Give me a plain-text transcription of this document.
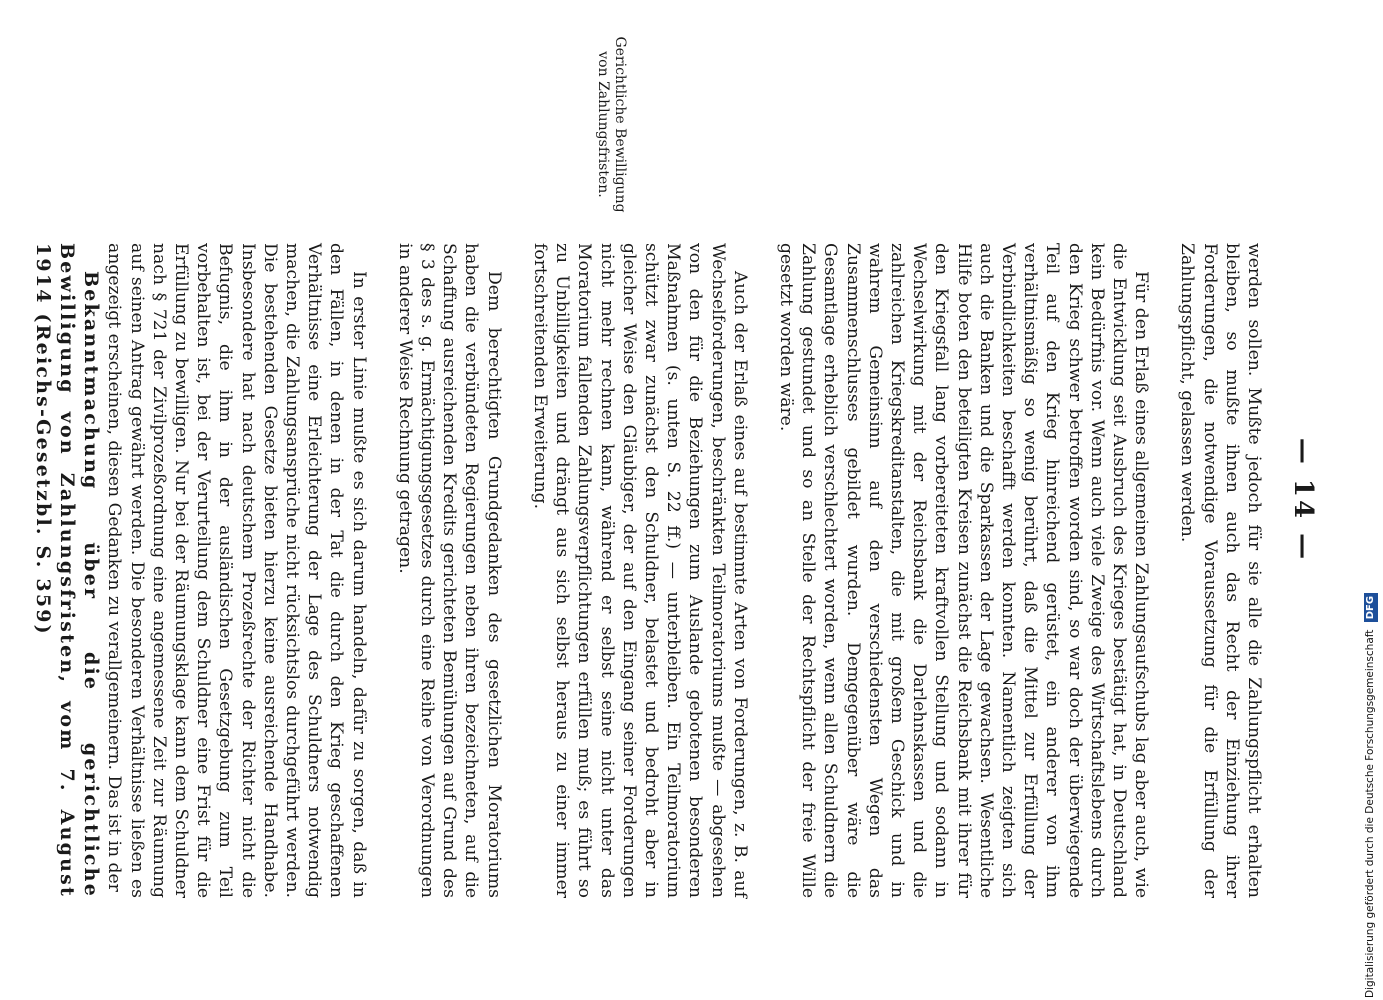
— 14 —
Gerichtliche Bewilligung von Zahlungsfristen.

werden sollen. Mußte jedoch für sie alle die Zahlungspflicht erhalten bleiben, so mußte ihnen auch das Recht der Einziehung ihrer Forderungen, die notwendige Voraussetzung für die Erfüllung der Zahlungspflicht, gelassen werden.

Für den Erlaß eines allgemeinen Zahlungsaufschubs lag aber auch, wie die Entwicklung seit Ausbruch des Krieges bestätigt hat, in Deutschland kein Bedürfnis vor. Wenn auch viele Zweige des Wirtschaftslebens durch den Krieg schwer betroffen worden sind, so war doch der überwiegende Teil auf den Krieg hinreichend gerüstet, ein anderer von ihm verhältnismäßig so wenig berührt, daß die Mittel zur Erfüllung der Verbindlichkeiten beschafft werden konnten. Namentlich zeigten sich auch die Banken und die Sparkassen der Lage gewachsen. Wesentliche Hilfe boten den beteiligten Kreisen zunächst die Reichsbank mit ihrer für den Kriegsfall lang vorbereiteten kraftvollen Stellung und sodann in Wechselwirkung mit der Reichsbank die Darlehnskassen und die zahlreichen Kriegskreditanstalten, die mit großem Geschick und in wahrem Gemeinsinn auf den verschiedensten Wegen das Zusammenschlusses gebildet wurden. Demgegenüber wäre die Gesamtlage erheblich verschlechtert worden, wenn allen Schuldnern die Zahlung gestundet und so an Stelle der Rechtspflicht der freie Wille gesetzt worden wäre.

Auch der Erlaß eines auf bestimmte Arten von Forderungen, z. B. auf Wechselforderungen, beschränkten Teilmoratoriums mußte — abgesehen von den für die Beziehungen zum Auslande gebotenen besonderen Maßnahmen (s. unten S. 22 ff.) — unterbleiben. Ein Teilmoratorium schützt zwar zunächst den Schuldner, belastet und bedroht aber in gleicher Weise den Gläubiger, der auf den Eingang seiner Forderungen nicht mehr rechnen kann, während er selbst seine nicht unter das Moratorium fallenden Zahlungsverpflichtungen erfüllen muß; es führt so zu Unbilligkeiten und drängt aus sich selbst heraus zu einer immer fortschreitenden Erweiterung.

Dem berechtigten Grundgedanken des gesetzlichen Moratoriums haben die verbündeten Regierungen neben ihren bezeichneten, auf die Schaffung ausreichenden Kredits gerichteten Bemühungen auf Grund des § 3 des s. g. Ermächtigungsgesetzes durch eine Reihe von Verordnungen in anderer Weise Rechnung getragen.

In erster Linie mußte es sich darum handeln, dafür zu sorgen, daß in den Fällen, in denen in der Tat die durch den Krieg geschaffenen Verhältnisse eine Erleichterung der Lage des Schuldners notwendig machen, die Zahlungsansprüche nicht rücksichtslos durchgeführt werden. Die bestehenden Gesetze bieten hierzu keine ausreichende Handhabe. Insbesondere hat nach deutschem Prozeßrechte der Richter nicht die Befugnis, die ihm in der ausländischen Gesetzgebung zum Teil vorbehalten ist, bei der Verurteilung dem Schuldner eine Frist für die Erfüllung zu bewilligen. Nur bei der Räumungsklage kann dem Schuldner nach § 721 der Zivilprozeßordnung eine angemessene Zeit zur Räumung auf seinen Antrag gewährt werden. Die besonderen Verhältnisse ließen es angezeigt erscheinen, diesen Gedanken zu verallgemeinern. Das ist in der

Bekanntmachung über die gerichtliche Bewilligung von Zahlungsfristen, vom 7. August 1914 (Reichs-Gesetzbl. S. 359)

Digitalisierung gefördert durch die Deutsche Forschungsgemeinschaft DFG
